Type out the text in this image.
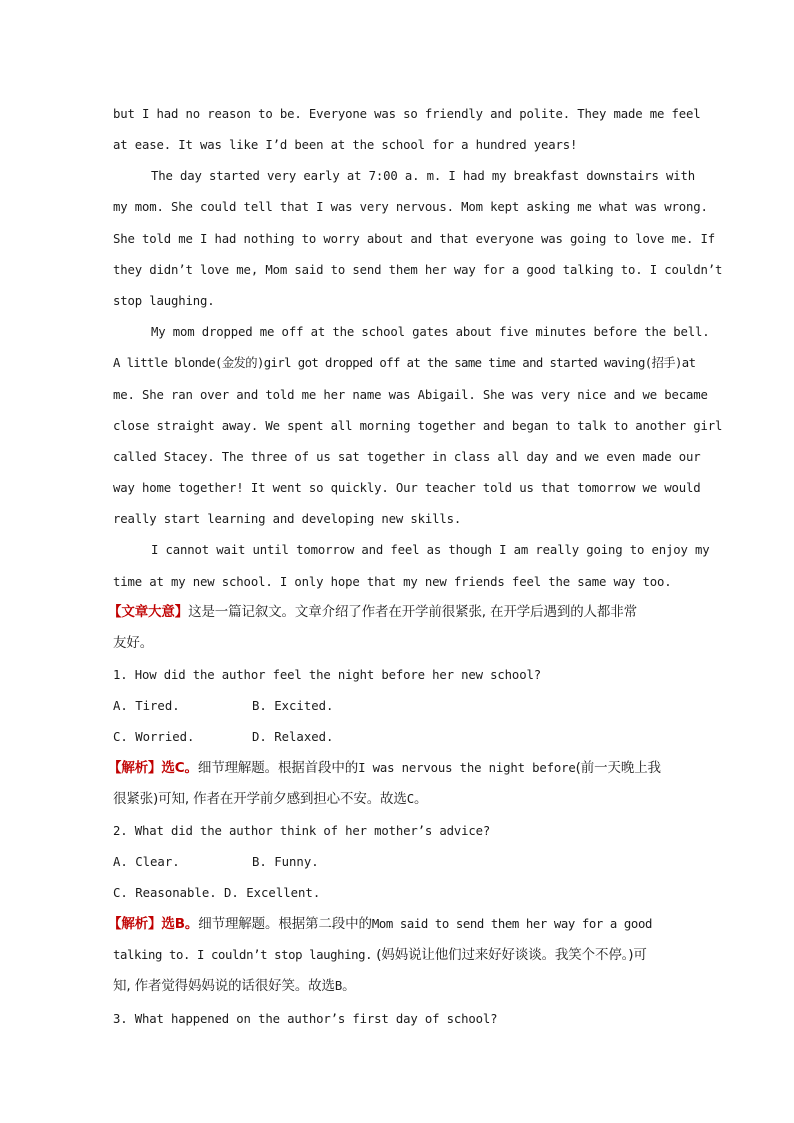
but I had no reason to be. Everyone was so friendly and polite. They made me feel
at ease. It was like I’d been at the school for a hundred years!
The day started very early at 7:00 a. m. I had my breakfast downstairs with
my mom. She could tell that I was very nervous. Mom kept asking me what was wrong.
She told me I had nothing to worry about and that everyone was going to love me. If
they didn’t love me, Mom said to send them her way for a good talking to. I couldn’t
stop laughing.
My mom dropped me off at the school gates about five minutes before the bell.
A little blonde(金发的)girl got dropped off at the same time and started waving(招手)at
me. She ran over and told me her name was Abigail. She was very nice and we became
close straight away. We spent all morning together and began to talk to another girl
called Stacey. The three of us sat together in class all day and we even made our
way home together! It went so quickly. Our teacher told us that tomorrow we would
really start learning and developing new skills.
I cannot wait until tomorrow and feel as though I am really going to enjoy my
time at my new school. I only hope that my new friends feel the same way too.
【文章大意】这是一篇记叙文。文章介绍了作者在开学前很紧张, 在开学后遇到的人都非常
友好。
1. How did the author feel the night before her new school?
A. Tired.	B. Excited.
C. Worried.	D. Relaxed.
【解析】选C。细节理解题。根据首段中的I was nervous the night before(前一天晚上我
很紧张)可知, 作者在开学前夕感到担心不安。故选C。
2. What did the author think of her mother’s advice?
A. Clear.	B. Funny.
C. Reasonable. D. Excellent.
【解析】选B。细节理解题。根据第二段中的Mom said to send them her way for a good
talking to. I couldn’t stop laughing. (妈妈说让他们过来好好谈谈。我笑个不停。)可
知, 作者觉得妈妈说的话很好笑。故选B。
3. What happened on the author’s first day of school?
